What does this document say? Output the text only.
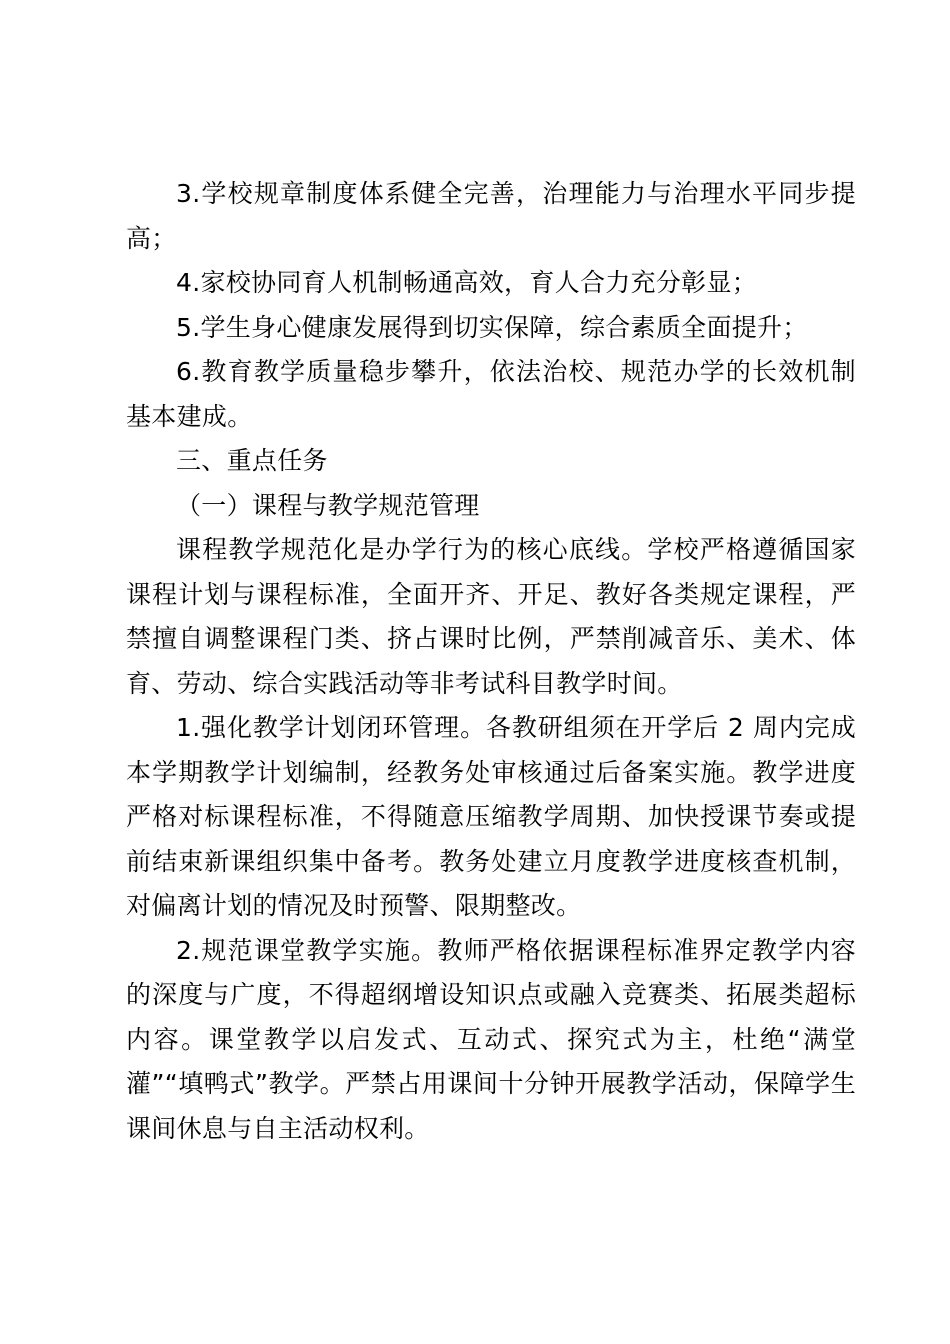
3.学校规章制度体系健全完善，治理能力与治理水平同步提高；

4.家校协同育人机制畅通高效，育人合力充分彰显；

5.学生身心健康发展得到切实保障，综合素质全面提升；

6.教育教学质量稳步攀升，依法治校、规范办学的长效机制基本建成。

三、重点任务

（一）课程与教学规范管理

课程教学规范化是办学行为的核心底线。学校严格遵循国家课程计划与课程标准，全面开齐、开足、教好各类规定课程，严禁擅自调整课程门类、挤占课时比例，严禁削减音乐、美术、体育、劳动、综合实践活动等非考试科目教学时间。

1.强化教学计划闭环管理。各教研组须在开学后 2 周内完成本学期教学计划编制，经教务处审核通过后备案实施。教学进度严格对标课程标准，不得随意压缩教学周期、加快授课节奏或提前结束新课组织集中备考。教务处建立月度教学进度核查机制，对偏离计划的情况及时预警、限期整改。

2.规范课堂教学实施。教师严格依据课程标准界定教学内容的深度与广度，不得超纲增设知识点或融入竞赛类、拓展类超标内容。课堂教学以启发式、互动式、探究式为主，杜绝“满堂灌”“填鸭式”教学。严禁占用课间十分钟开展教学活动，保障学生课间休息与自主活动权利。
